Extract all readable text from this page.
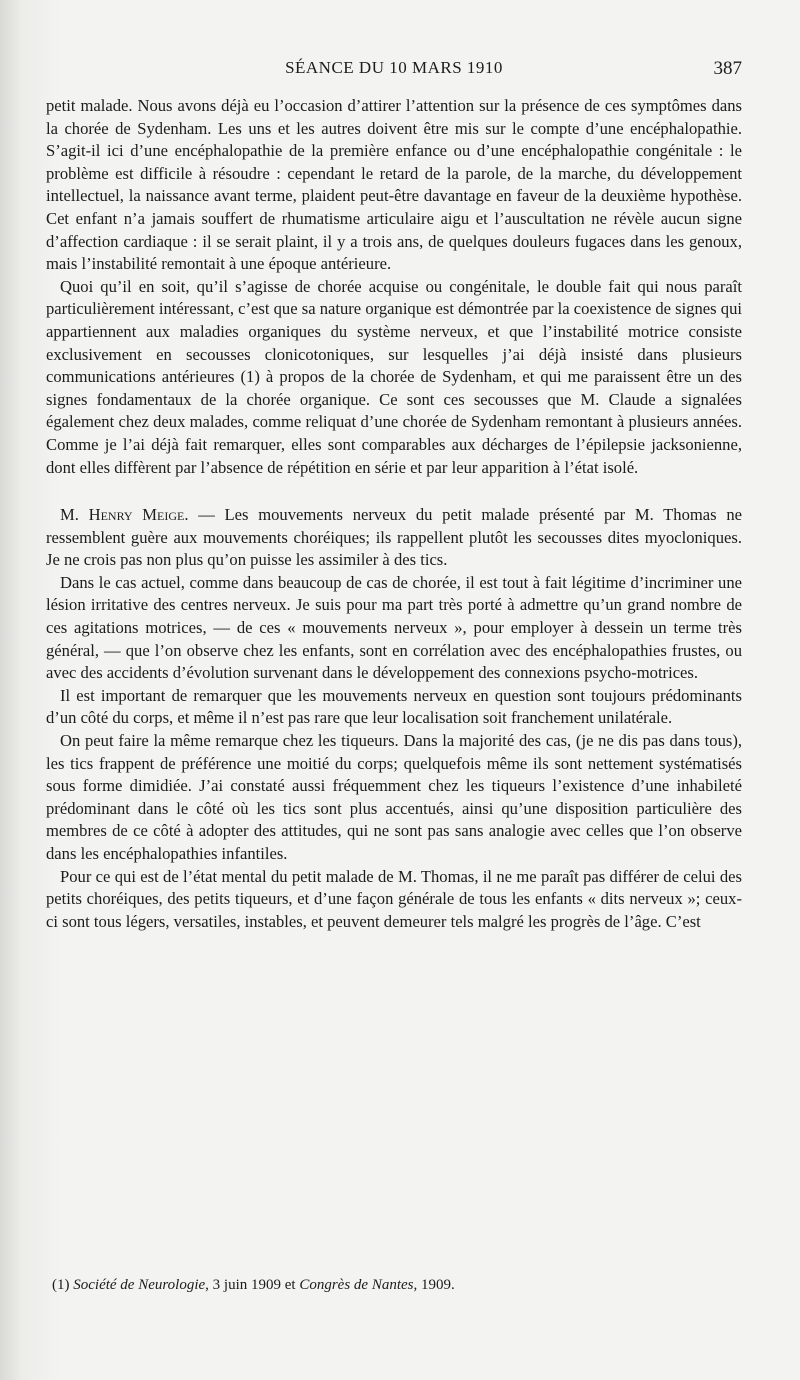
SÉANCE DU 10 MARS 1910	387

petit malade. Nous avons déjà eu l’occasion d’attirer l’attention sur la présence de ces symptômes dans la chorée de Sydenham. Les uns et les autres doivent être mis sur le compte d’une encéphalopathie. S’agit-il ici d’une encéphalopathie de la première enfance ou d’une encéphalopathie congénitale : le problème est difficile à résoudre : cependant le retard de la parole, de la marche, du développement intellectuel, la naissance avant terme, plaident peut-être davantage en faveur de la deuxième hypothèse. Cet enfant n’a jamais souffert de rhumatisme articulaire aigu et l’auscultation ne révèle aucun signe d’affection cardiaque : il se serait plaint, il y a trois ans, de quelques douleurs fugaces dans les genoux, mais l’instabilité remontait à une époque antérieure.

Quoi qu’il en soit, qu’il s’agisse de chorée acquise ou congénitale, le double fait qui nous paraît particulièrement intéressant, c’est que sa nature organique est démontrée par la coexistence de signes qui appartiennent aux maladies organiques du système nerveux, et que l’instabilité motrice consiste exclusivement en secousses clonicotoniques, sur lesquelles j’ai déjà insisté dans plusieurs communications antérieures (1) à propos de la chorée de Sydenham, et qui me paraissent être un des signes fondamentaux de la chorée organique. Ce sont ces secousses que M. Claude a signalées également chez deux malades, comme reliquat d’une chorée de Sydenham remontant à plusieurs années. Comme je l’ai déjà fait remarquer, elles sont comparables aux décharges de l’épilepsie jacksonienne, dont elles diffèrent par l’absence de répétition en série et par leur apparition à l’état isolé.

M. Henry Meige. — Les mouvements nerveux du petit malade présenté par M. Thomas ne ressemblent guère aux mouvements choréiques; ils rappellent plutôt les secousses dites myocloniques. Je ne crois pas non plus qu’on puisse les assimiler à des tics.

Dans le cas actuel, comme dans beaucoup de cas de chorée, il est tout à fait légitime d’incriminer une lésion irritative des centres nerveux. Je suis pour ma part très porté à admettre qu’un grand nombre de ces agitations motrices, — de ces « mouvements nerveux », pour employer à dessein un terme très général, — que l’on observe chez les enfants, sont en corrélation avec des encéphalopathies frustes, ou avec des accidents d’évolution survenant dans le développement des connexions psycho-motrices.

Il est important de remarquer que les mouvements nerveux en question sont toujours prédominants d’un côté du corps, et même il n’est pas rare que leur localisation soit franchement unilatérale.

On peut faire la même remarque chez les tiqueurs. Dans la majorité des cas, (je ne dis pas dans tous), les tics frappent de préférence une moitié du corps; quelquefois même ils sont nettement systématisés sous forme dimidiée. J’ai constaté aussi fréquemment chez les tiqueurs l’existence d’une inhabileté prédominant dans le côté où les tics sont plus accentués, ainsi qu’une disposition particulière des membres de ce côté à adopter des attitudes, qui ne sont pas sans analogie avec celles que l’on observe dans les encéphalopathies infantiles.

Pour ce qui est de l’état mental du petit malade de M. Thomas, il ne me paraît pas différer de celui des petits choréiques, des petits tiqueurs, et d’une façon générale de tous les enfants « dits nerveux »; ceux-ci sont tous légers, versatiles, instables, et peuvent demeurer tels malgré les progrès de l’âge. C’est

(1) Société de Neurologie, 3 juin 1909 et Congrès de Nantes, 1909.
